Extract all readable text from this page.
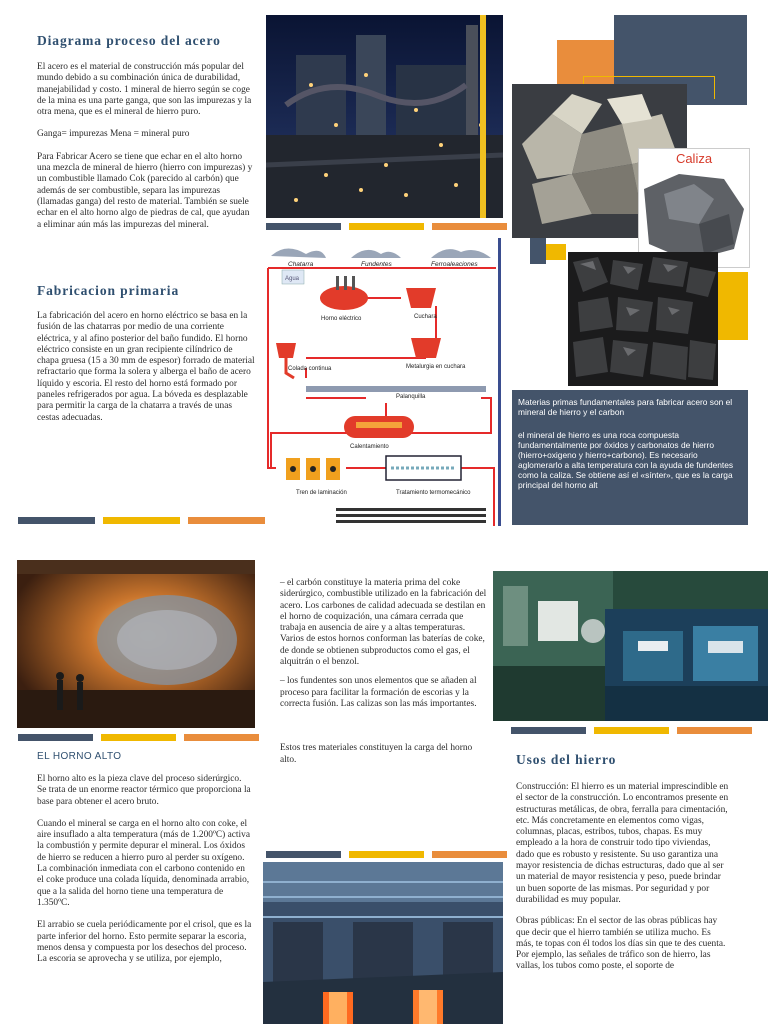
Diagrama proceso del acero

El acero es el material de construcción más popular del mundo debido a su combinación única de durabilidad, manejabilidad y costo. 1 mineral de hierro según se coge de la mina es una parte ganga, que son las impurezas y la otra mena, que es el mineral de hierro puro.

Ganga= impurezas Mena = mineral puro

Para Fabricar Acero se tiene que echar en el alto horno una mezcla de mineral de hierro (hierro con impurezas) y un combustible llamado Cok (parecido al carbón) que además de ser combustible, separa las impurezas (llamadas ganga) del resto de material. También se suele echar en el alto horno algo de piedras de cal, que ayudan a eliminar aún más las impurezas del mineral.

Fabricacion primaria

La fabricación del acero en horno eléctrico se basa en la fusión de las chatarras por medio de una corriente eléctrica, y al afino posterior del baño fundido. El horno eléctrico consiste en un gran recipiente cilíndrico de chapa gruesa (15 a 30 mm de espesor) forrado de material refractario que forma la solera y alberga el baño de acero líquido y escoria. El resto del horno está formado por paneles refrigerados por agua. La bóveda es desplazable para permitir la carga de la chatarra a través de unas cestas adecuadas.

Chatarra	Fundentes	Ferroaleaciones
Agua
Horno eléctrico	Cuchara
Colada continua	Metalurgia en cuchara
Palanquilla
Calentamiento
Tren de laminación	Tratamiento termomecánico
Caliza

Materias primas fundamentales para fabricar acero son el mineral de hierro y el carbon

el mineral de hierro es una roca compuesta fundamentalmente por óxidos y carbonatos de hierro (hierro+oxigeno y hierro+carbono). Es necesario aglomerarlo a alta temperatura con la ayuda de fundentes como la caliza. Se obtiene así el «sínter», que es la carga principal del horno alt

EL HORNO ALTO

El horno alto es la pieza clave del proceso siderúrgico. Se trata de un enorme reactor térmico que proporciona la base para obtener el acero bruto.

Cuando el mineral se carga en el horno alto con coke, el aire insuflado a alta temperatura (más de 1.200ºC) activa la combustión y permite depurar el mineral. Los óxidos de hierro se reducen a hierro puro al perder su oxígeno. La combinación inmediata con el carbono contenido en el coke produce una colada líquida, denominada arrabio, que a la salida del horno tiene una temperatura de 1.350ºC.

El arrabio se cuela periódicamente por el crisol, que es la parte inferior del horno. Esto permite separar la escoria, menos densa y compuesta por los desechos del proceso. La escoria se aprovecha y se utiliza, por ejemplo,

– el carbón constituye la materia prima del coke siderúrgico, combustible utilizado en la fabricación del acero. Los carbones de calidad adecuada se destilan en el horno de coquización, una cámara cerrada que trabaja en ausencia de aire y a altas temperaturas. Varios de estos hornos conforman las baterías de coke, de donde se obtienen subproductos como el gas, el alquitrán o el benzol.

– los fundentes son unos elementos que se añaden al proceso para facilitar la formación de escorias y la correcta fusión. Las calizas son las más importantes.

Estos tres materiales constituyen la carga del horno alto.	Usos del hierro

Construcción: El hierro es un material imprescindible en el sector de la construcción. Lo encontramos presente en estructuras metálicas, de obra, ferralla para cimentación, etc. Más concretamente en elementos como vigas, columnas, placas, estribos, tubos, chapas. Es muy empleado a la hora de construir todo tipo viviendas, dado que es robusto y resistente. Su uso garantiza una mayor resistencia de dichas estructuras, dado que al ser un material de mayor resistencia y peso, puede brindar un buen soporte de las mismas. Por seguridad y por durabilidad es muy popular.

Obras públicas: En el sector de las obras públicas hay que decir que el hierro también se utiliza mucho. Es más, te topas con él todos los días sin que te des cuenta. Por ejemplo, las señales de tráfico son de hierro, las vallas, los tubos como poste, el soporte de
